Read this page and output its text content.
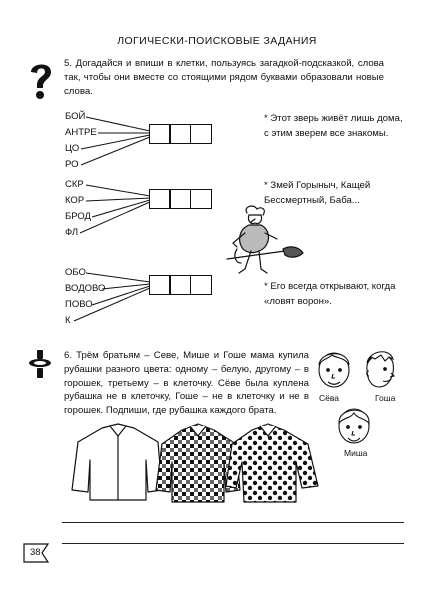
ЛОГИЧЕСКИ-ПОИСКОВЫЕ ЗАДАНИЯ
5. Догадайся и впиши в клетки, пользуясь загадкой-подсказкой, слова так, чтобы они вместе со стоящими рядом буквами образовали новые слова.
БОЙ
АНТРЕ
ЦО
РО
* Этот зверь живёт лишь дома, с этим зверем все знакомы.
СКР
КОР
БРОД
ФЛ
* Змей Горыныч, Кащей Бессмертный, Баба...
ОБО
ВОДОВО
ПОВО
К
* Его всегда открывают, когда «ловят ворон».
6. Трём братьям – Севе, Мише и Гоше мама купила рубашки разного цвета: одному – белую, другому – в горошек, третьему – в клеточку. Сёве была куплена рубашка не в клеточку, Гоше – не в клеточку и не в горошек. Подпиши, где рубашка каждого брата.
Сёва	Гоша
Миша
38
